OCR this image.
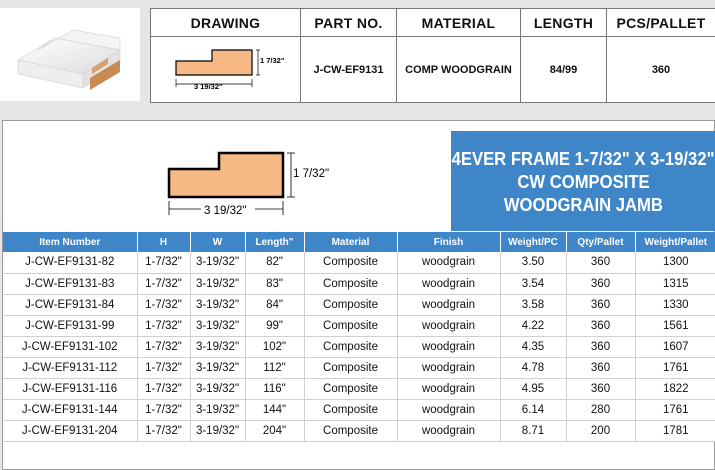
DRAWING	PART NO.	MATERIAL	LENGTH	PCS/PALLET

1 7/32"
3 19/32"	J-CW-EF9131	COMP WOODGRAIN	84/99	360
1 7/32"
3 19/32"
4EVER FRAME 1-7/32" X 3-19/32"
CW COMPOSITE
WOODGRAIN JAMB
Item Number	H	W	Length"	Material	Finish	Weight/PC	Qty/Pallet	Weight/Pallet
J-CW-EF9131-82	1-7/32"	3-19/32"	82"	Composite	woodgrain	3.50	360	1300
J-CW-EF9131-83	1-7/32"	3-19/32"	83"	Composite	woodgrain	3.54	360	1315
J-CW-EF9131-84	1-7/32"	3-19/32"	84"	Composite	woodgrain	3.58	360	1330
J-CW-EF9131-99	1-7/32"	3-19/32"	99"	Composite	woodgrain	4.22	360	1561
J-CW-EF9131-102	1-7/32"	3-19/32"	102"	Composite	woodgrain	4.35	360	1607
J-CW-EF9131-112	1-7/32"	3-19/32"	112"	Composite	woodgrain	4.78	360	1761
J-CW-EF9131-116	1-7/32"	3-19/32"	116"	Composite	woodgrain	4.95	360	1822
J-CW-EF9131-144	1-7/32"	3-19/32"	144"	Composite	woodgrain	6.14	280	1761
J-CW-EF9131-204	1-7/32"	3-19/32"	204"	Composite	woodgrain	8.71	200	1781
